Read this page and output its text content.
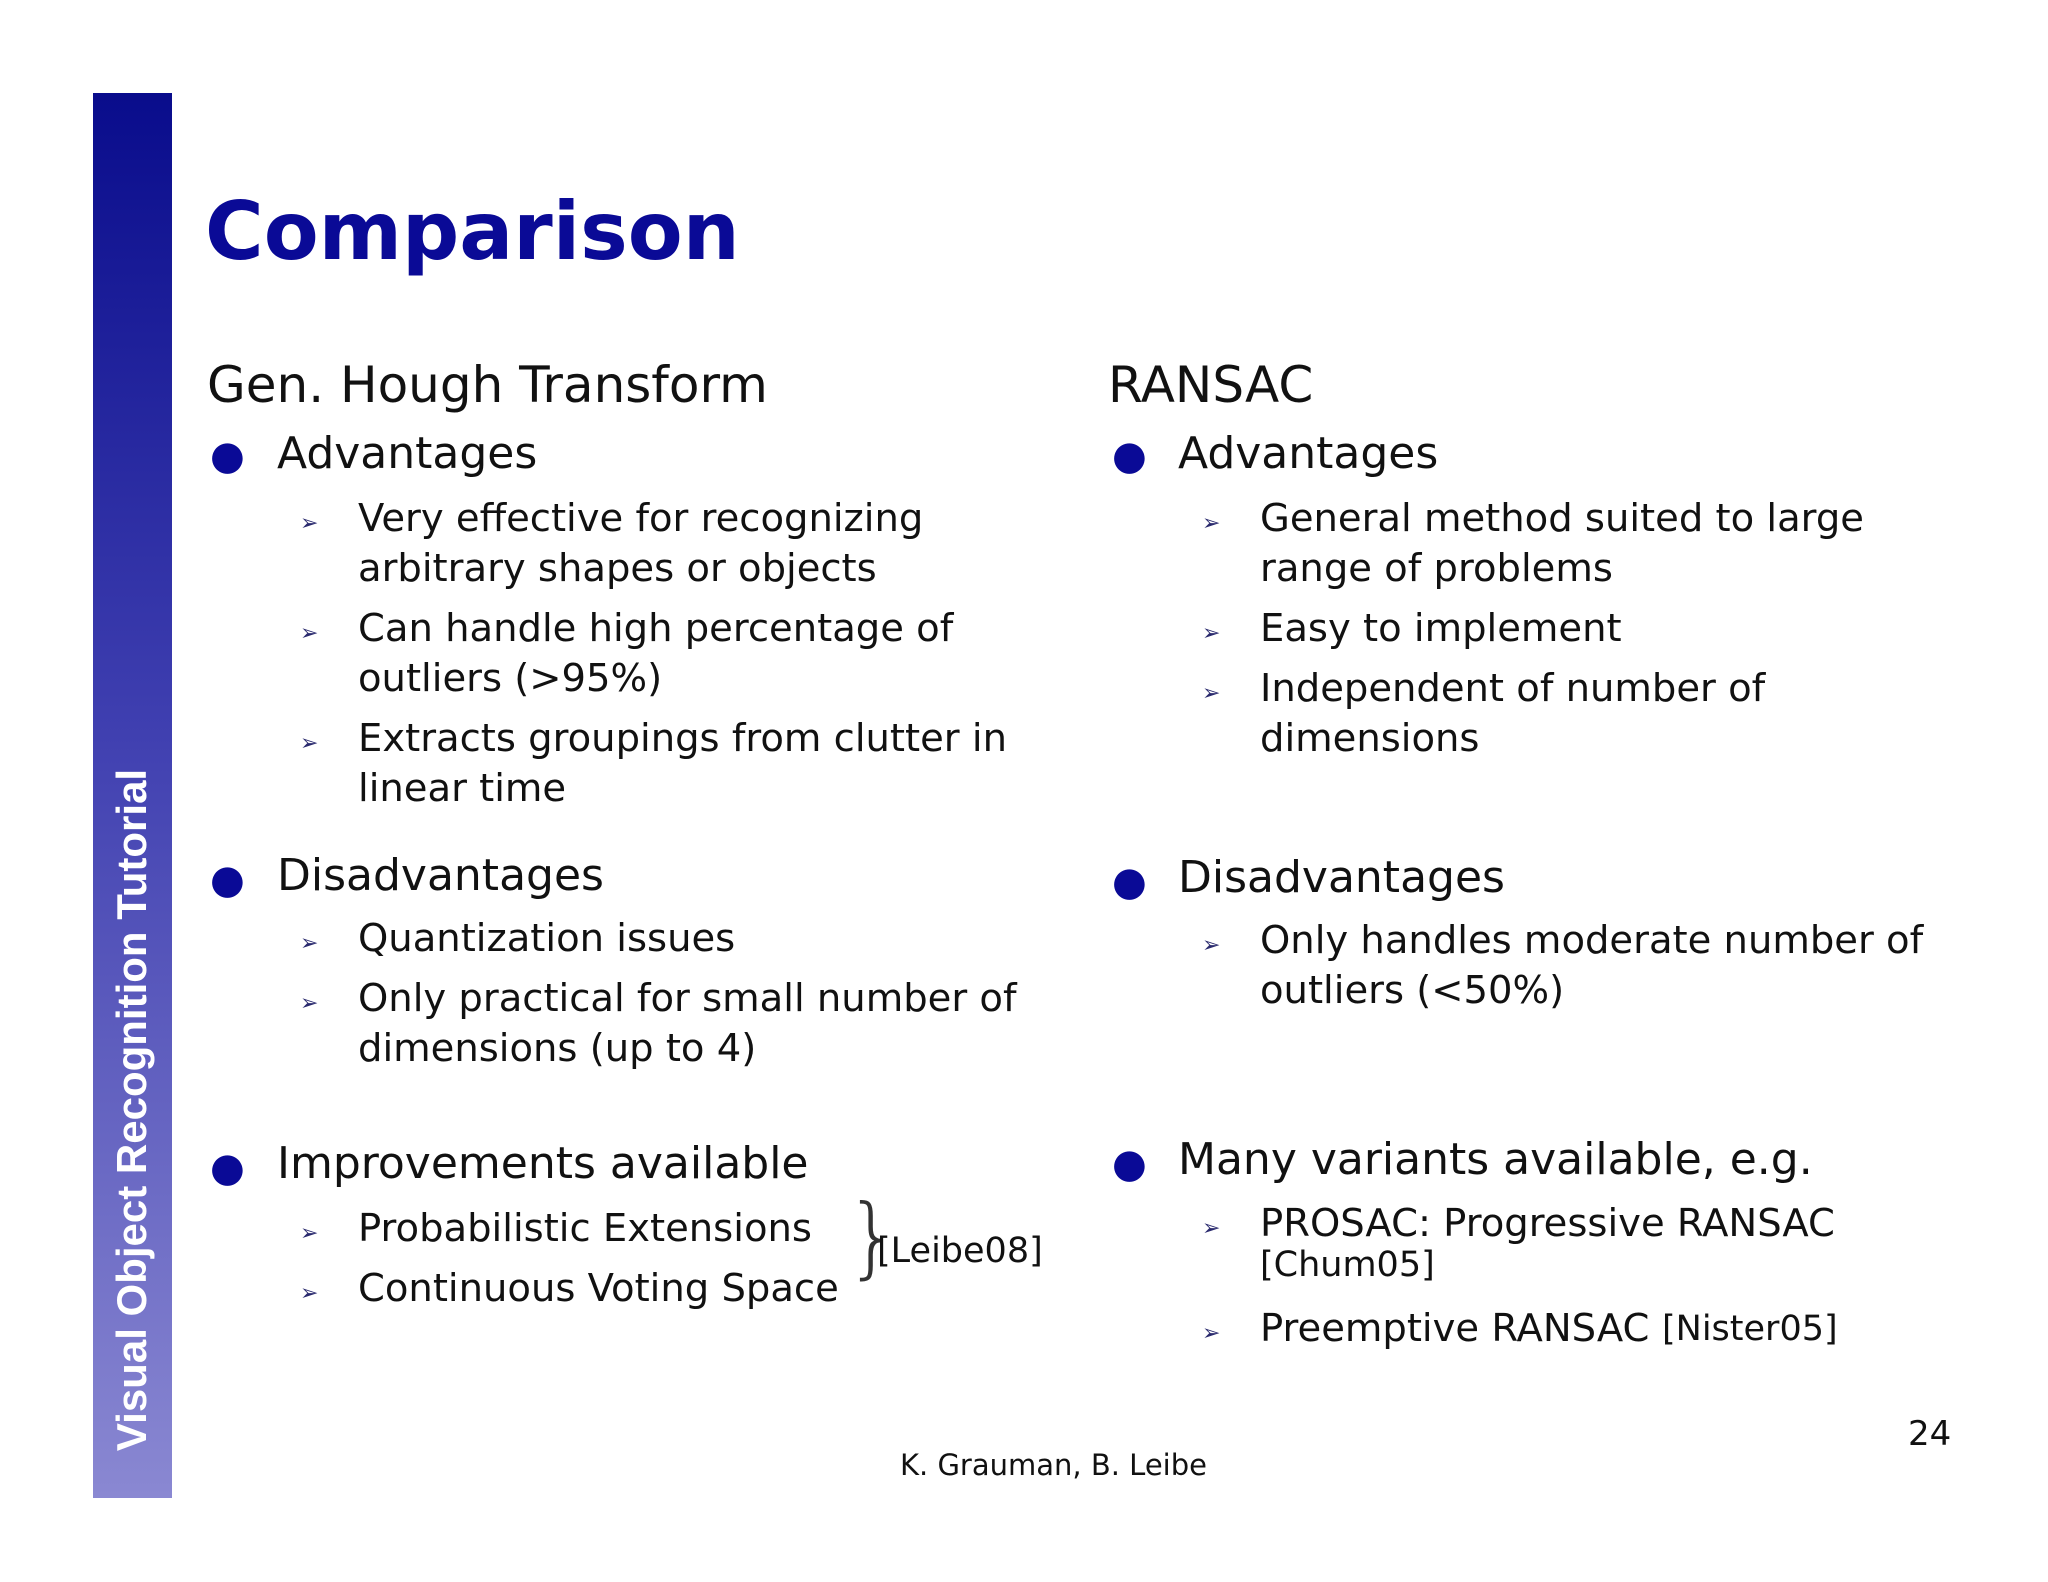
Visual Object Recognition Tutorial
Comparison
Gen. Hough Transform
● Advantages
➢ Very effective for recognizing
arbitrary shapes or objects
➢ Can handle high percentage of
outliers (>95%)
➢ Extracts groupings from clutter in
linear time
● Disadvantages
➢ Quantization issues
➢ Only practical for small number of
dimensions (up to 4)
● Improvements available
➢ Probabilistic Extensions
➢ Continuous Voting Space
}
[Leibe08]
RANSAC
● Advantages
➢ General method suited to large
range of problems
➢ Easy to implement
➢ Independent of number of
dimensions
● Disadvantages
➢ Only handles moderate number of
outliers (<50%)
● Many variants available, e.g.
➢ PROSAC: Progressive RANSAC
[Chum05]
➢ Preemptive RANSAC [Nister05]
K. Grauman, B. Leibe
24
